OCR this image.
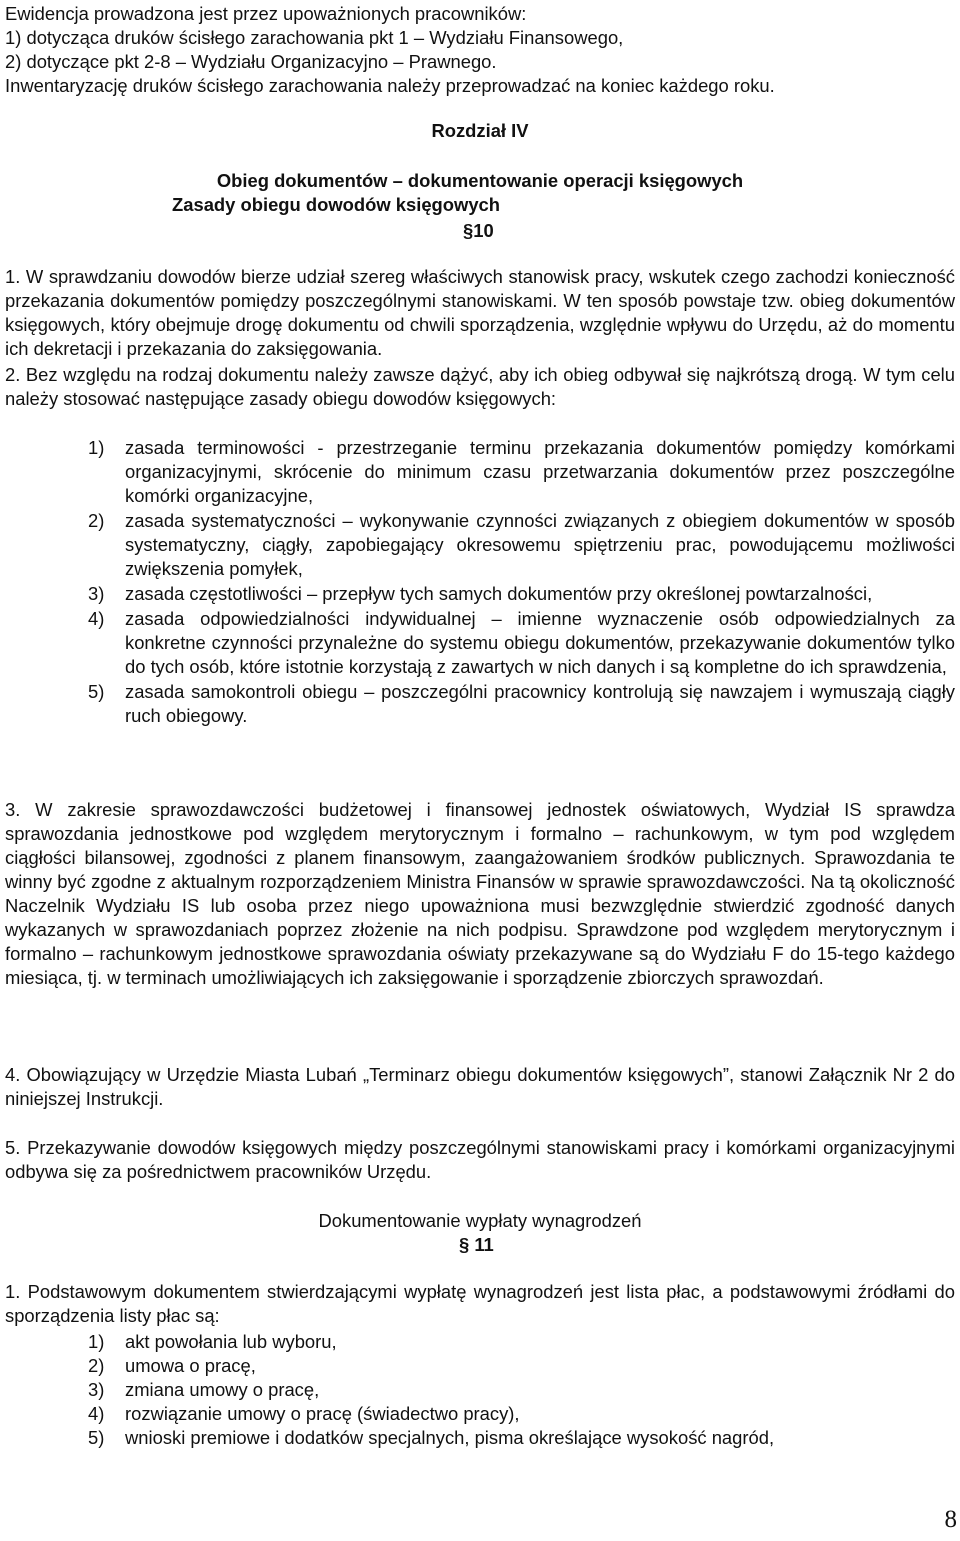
Ewidencja prowadzona jest przez upoważnionych pracowników:
1) dotycząca druków ścisłego zarachowania pkt 1 – Wydziału Finansowego,
2) dotyczące pkt 2-8 – Wydziału Organizacyjno – Prawnego.
Inwentaryzację druków ścisłego zarachowania należy przeprowadzać na koniec każdego roku.
Rozdział IV
Obieg dokumentów – dokumentowanie operacji księgowych
Zasady obiegu dowodów księgowych
§10

1. W sprawdzaniu dowodów bierze udział szereg właściwych stanowisk pracy, wskutek czego zachodzi konieczność przekazania dokumentów pomiędzy poszczególnymi stanowiskami. W ten sposób powstaje tzw. obieg dokumentów księgowych, który obejmuje drogę dokumentu od chwili sporządzenia, względnie wpływu do Urzędu, aż do momentu ich dekretacji i przekazania do zaksięgowania.

2. Bez względu na rodzaj dokumentu należy zawsze dążyć, aby ich obieg odbywał się najkrótszą drogą. W tym celu należy stosować następujące zasady obiegu dowodów księgowych:

1) zasada terminowości - przestrzeganie terminu przekazania dokumentów pomiędzy komórkami organizacyjnymi, skrócenie do minimum czasu przetwarzania dokumentów przez poszczególne komórki organizacyjne,
2) zasada systematyczności – wykonywanie czynności związanych z obiegiem dokumentów w sposób systematyczny, ciągły, zapobiegający okresowemu spiętrzeniu prac, powodującemu możliwości zwiększenia pomyłek,
3) zasada częstotliwości – przepływ tych samych dokumentów przy określonej powtarzalności,
4) zasada odpowiedzialności indywidualnej – imienne wyznaczenie osób odpowiedzialnych za konkretne czynności przynależne do systemu obiegu dokumentów, przekazywanie dokumentów tylko do tych osób, które istotnie korzystają z zawartych w nich danych i są kompletne do ich sprawdzenia,
5) zasada samokontroli obiegu – poszczególni pracownicy kontrolują się nawzajem i wymuszają ciągły ruch obiegowy.

3. W zakresie sprawozdawczości budżetowej i finansowej jednostek oświatowych, Wydział IS sprawdza sprawozdania jednostkowe pod względem merytorycznym i formalno – rachunkowym, w tym pod względem ciągłości bilansowej, zgodności z planem finansowym, zaangażowaniem środków publicznych. Sprawozdania te winny być zgodne z aktualnym rozporządzeniem Ministra Finansów w sprawie sprawozdawczości. Na tą okoliczność Naczelnik Wydziału IS lub osoba przez niego upoważniona musi bezwzględnie stwierdzić zgodność danych wykazanych w sprawozdaniach poprzez złożenie na nich podpisu. Sprawdzone pod względem merytorycznym i formalno – rachunkowym jednostkowe sprawozdania oświaty przekazywane są do Wydziału F do 15-tego każdego miesiąca, tj. w terminach umożliwiających ich zaksięgowanie i sporządzenie zbiorczych sprawozdań.

4. Obowiązujący w Urzędzie Miasta Lubań „Terminarz obiegu dokumentów księgowych”, stanowi Załącznik Nr 2 do niniejszej Instrukcji.

5. Przekazywanie dowodów księgowych między poszczególnymi stanowiskami pracy i komórkami organizacyjnymi odbywa się za pośrednictwem pracowników Urzędu.

Dokumentowanie wypłaty wynagrodzeń
§ 11

1. Podstawowym dokumentem stwierdzającymi wypłatę wynagrodzeń jest lista płac, a podstawowymi źródłami do sporządzenia listy płac są:

1) akt powołania lub wyboru,
2) umowa o pracę,
3) zmiana umowy o pracę,
4) rozwiązanie umowy o pracę (świadectwo pracy),
5) wnioski premiowe i dodatków specjalnych, pisma określające wysokość nagród,
8
